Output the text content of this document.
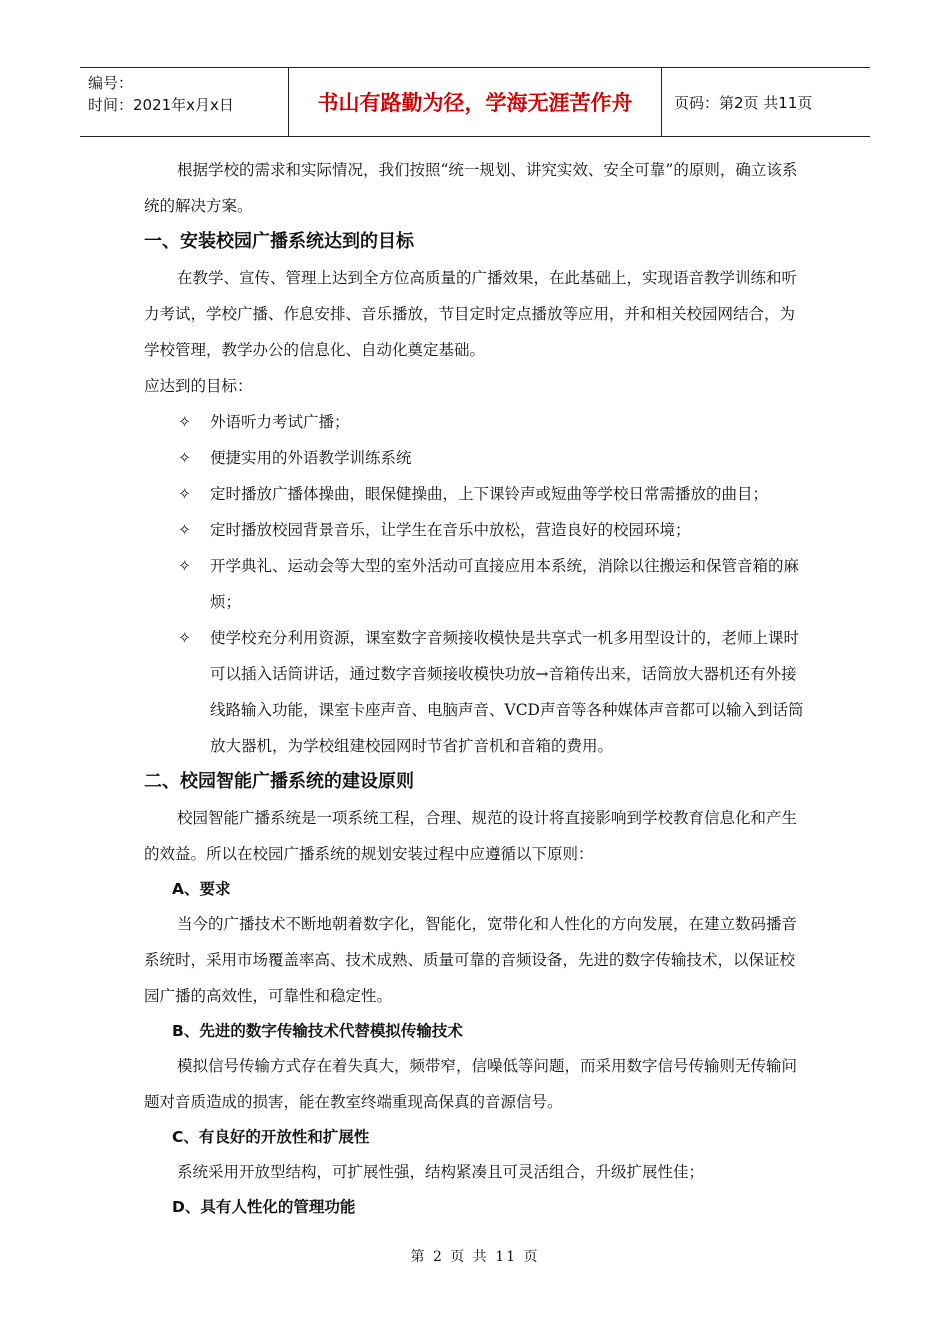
编号：
时间：2021年x月x日	书山有路勤为径，学海无涯苦作舟	页码：第2页 共11页

根据学校的需求和实际情况，我们按照“统一规划、讲究实效、安全可靠”的原则，确立该系统的解决方案。

一、安装校园广播系统达到的目标

在教学、宣传、管理上达到全方位高质量的广播效果，在此基础上，实现语音教学训练和听力考试，学校广播、作息安排、音乐播放，节目定时定点播放等应用，并和相关校园网结合，为学校管理，教学办公的信息化、自动化奠定基础。

应达到的目标：

✧ 外语听力考试广播；
✧ 便捷实用的外语教学训练系统
✧ 定时播放广播体操曲，眼保健操曲，上下课铃声或短曲等学校日常需播放的曲目；
✧ 定时播放校园背景音乐，让学生在音乐中放松，营造良好的校园环境；
✧ 开学典礼、运动会等大型的室外活动可直接应用本系统，消除以往搬运和保管音箱的麻烦；
✧ 使学校充分利用资源，课室数字音频接收模快是共享式一机多用型设计的，老师上课时可以插入话筒讲话，通过数字音频接收模快功放→音箱传出来，话筒放大器机还有外接线路输入功能，课室卡座声音、电脑声音、VCD声音等各种媒体声音都可以输入到话筒放大器机，为学校组建校园网时节省扩音机和音箱的费用。
二、校园智能广播系统的建设原则

校园智能广播系统是一项系统工程，合理、规范的设计将直接影响到学校教育信息化和产生的效益。所以在校园广播系统的规划安装过程中应遵循以下原则：

A、要求

当今的广播技术不断地朝着数字化，智能化，宽带化和人性化的方向发展，在建立数码播音系统时，采用市场覆盖率高、技术成熟、质量可靠的音频设备，先进的数字传输技术，以保证校园广播的高效性，可靠性和稳定性。

B、先进的数字传输技术代替模拟传输技术

模拟信号传输方式存在着失真大，频带窄，信噪低等问题，而采用数字信号传输则无传输问题对音质造成的损害，能在教室终端重现高保真的音源信号。

C、有良好的开放性和扩展性

系统采用开放型结构，可扩展性强，结构紧凑且可灵活组合，升级扩展性佳；

D、具有人性化的管理功能
第 2 页 共 11 页
